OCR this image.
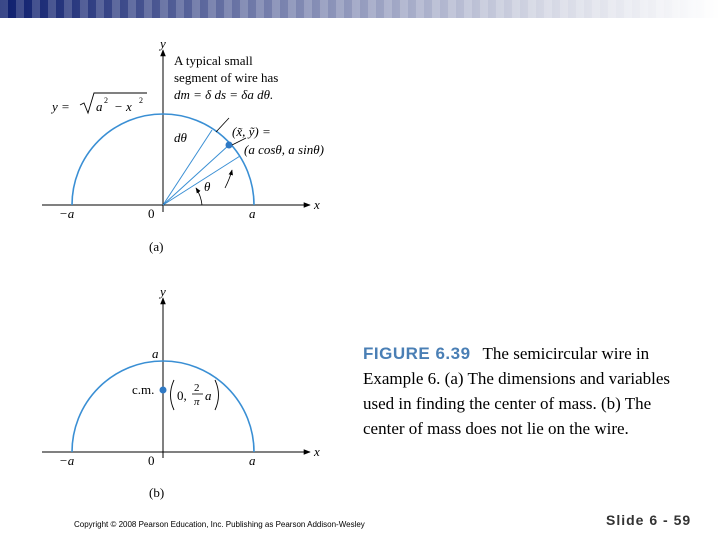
y
x
0
−a	a
(a)
A typical small
segment of wire has
dm = δ ds = δa dθ.
y = a 2 − x 2
dθ
θ
(x̃, ỹ) =
(a cosθ, a sinθ)
y
x
0
−a	a
a
c.m.
(b)
0, 2
π a
FIGURE 6.39 The semicircular wire in Example 6. (a) The dimensions and variables used in finding the center of mass. (b) The center of mass does not lie on the wire.
Copyright © 2008 Pearson Education, Inc. Publishing as Pearson Addison-Wesley	Slide 6 - 59
